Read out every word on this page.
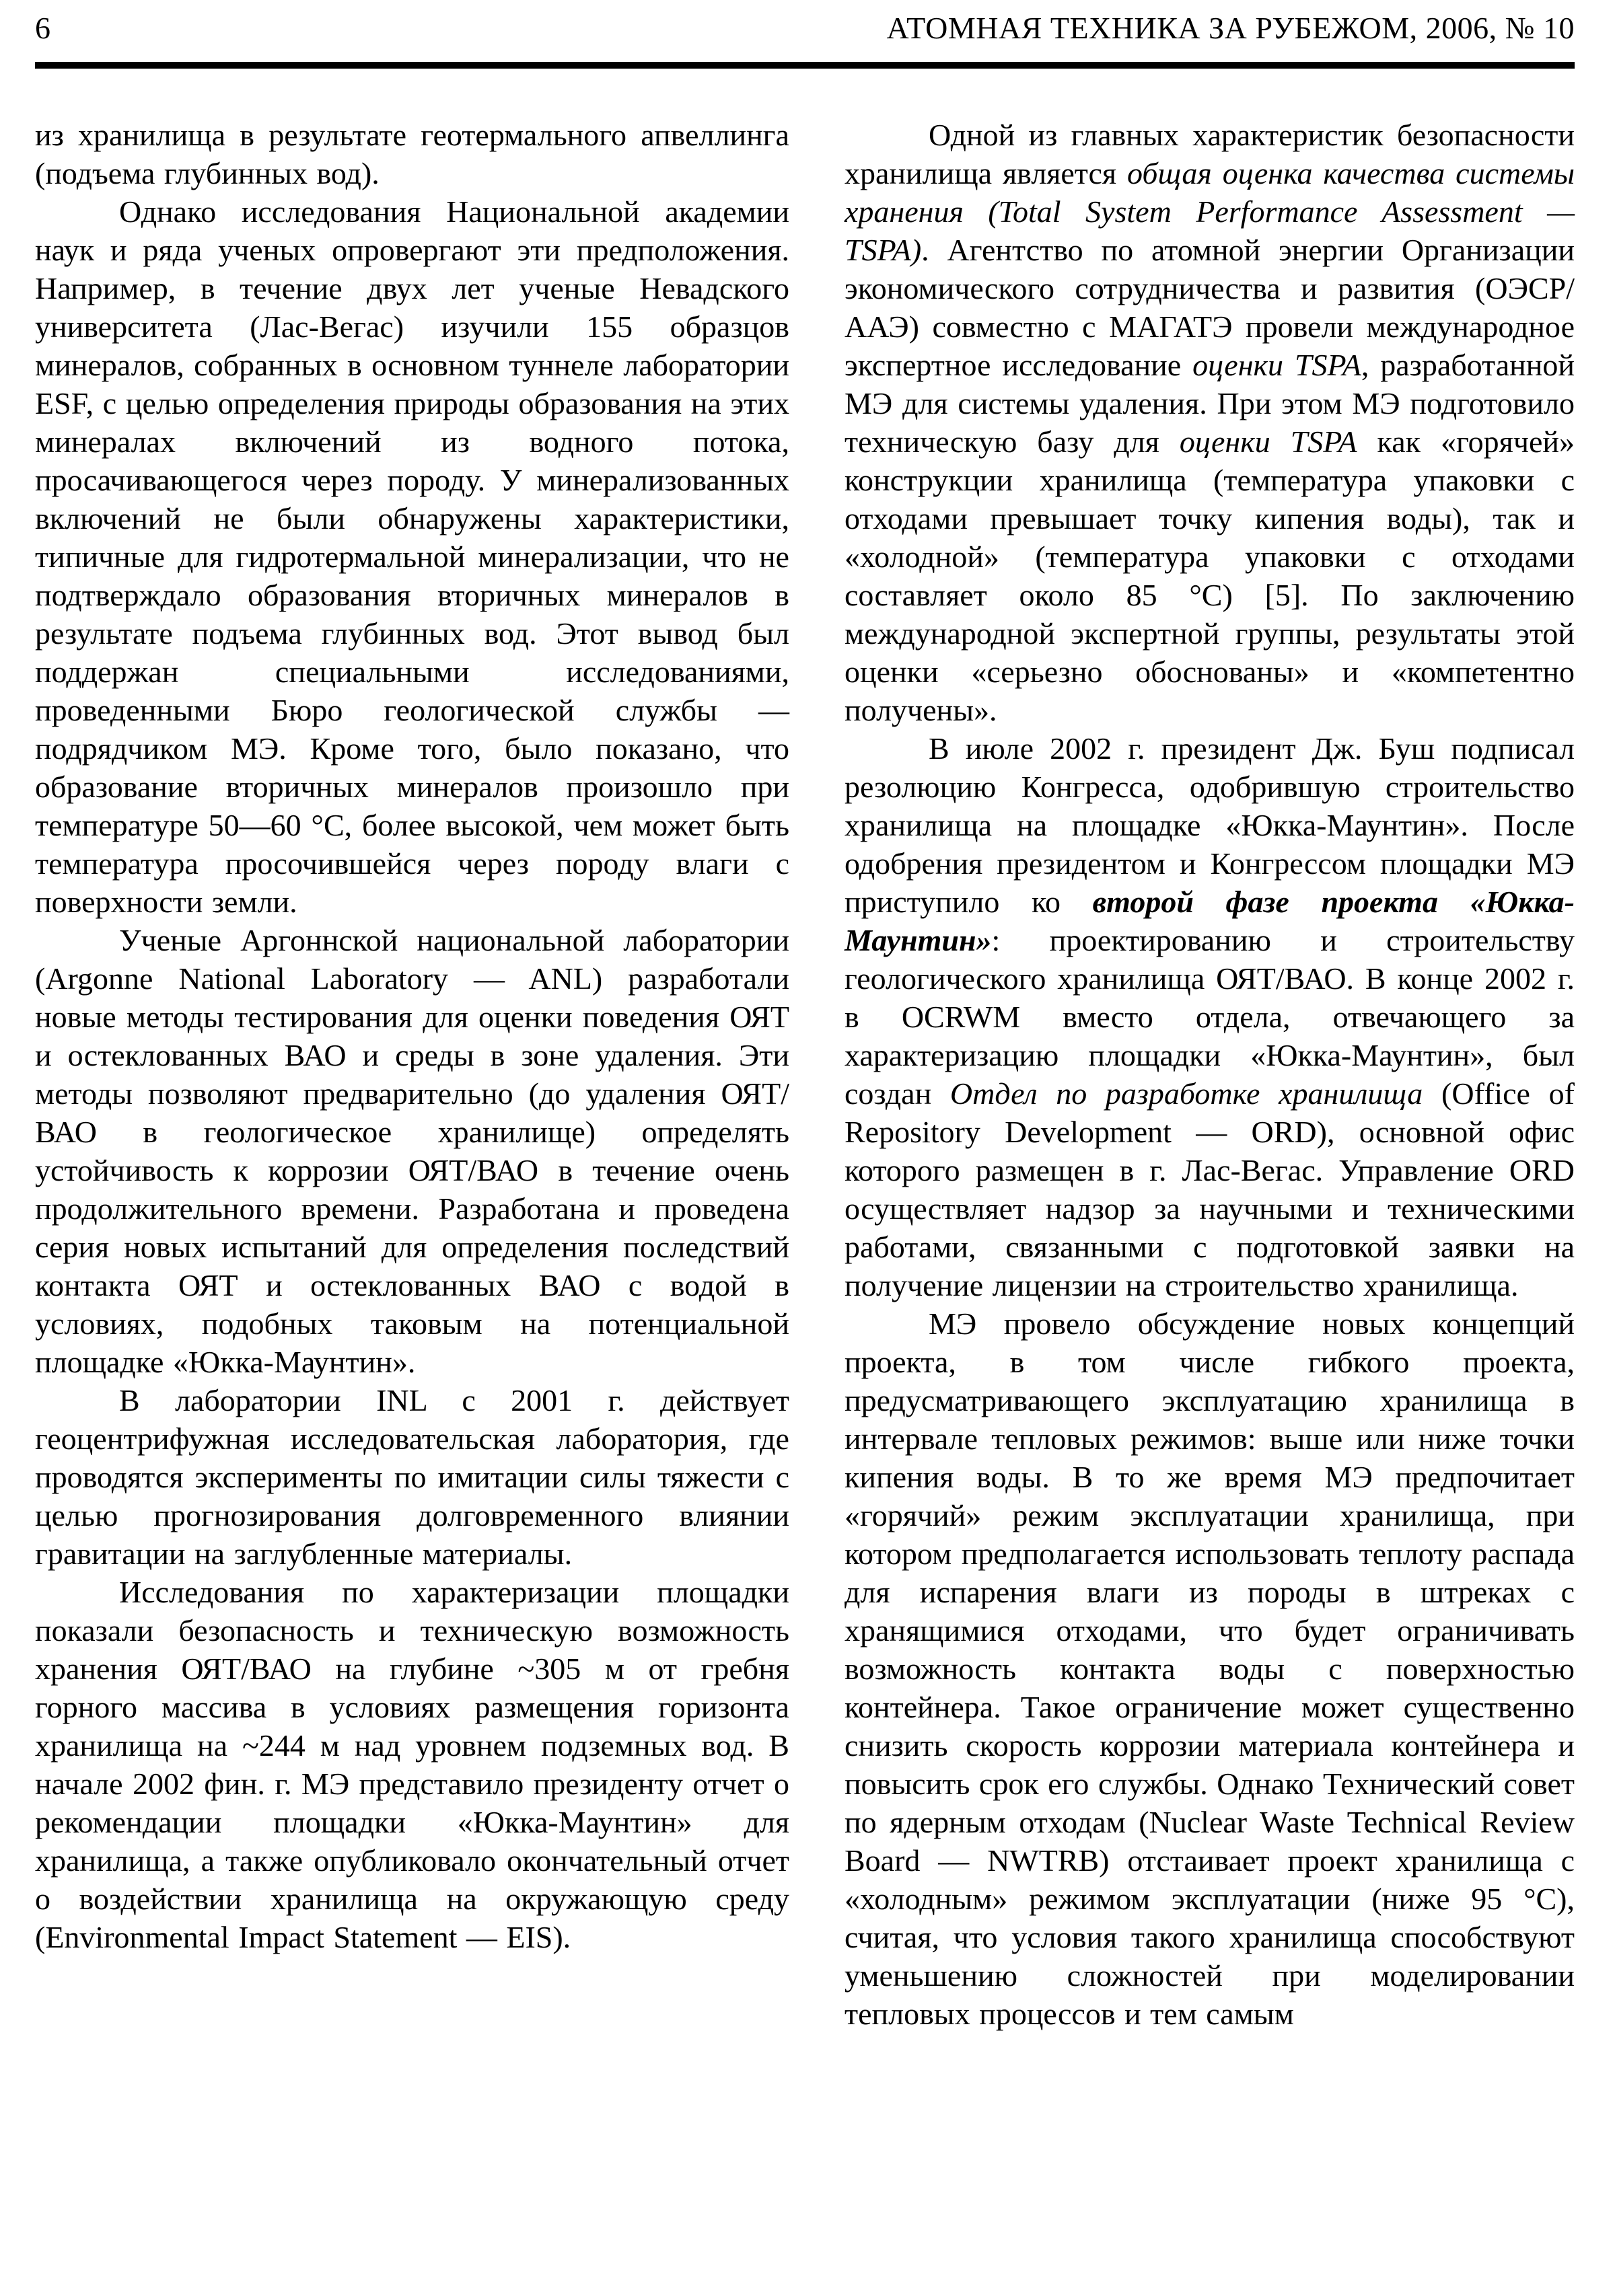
6	АТОМНАЯ ТЕХНИКА ЗА РУБЕЖОМ, 2006, № 10

из хранилища в результате геотермального апвеллинга (подъема глубинных вод).

Однако исследования Национальной академии наук и ряда ученых опровергают эти предположения. Например, в течение двух лет ученые Невадского университета (Лас-Вегас) изучили 155 образцов минералов, собранных в основном туннеле лаборатории ESF, с целью определения природы образования на этих минералах включений из водного потока, просачивающегося через породу. У минерализованных включений не были обнаружены характеристики, типичные для гидротермальной минерализации, что не подтверждало образования вторичных минералов в результате подъема глубинных вод. Этот вывод был поддержан специальными исследованиями, проведенными Бюро геологической службы — подрядчиком МЭ. Кроме того, было показано, что образование вторичных минералов произошло при температуре 50—60 °С, более высокой, чем может быть температура просочившейся через породу влаги с поверхности земли.

Ученые Аргоннской национальной лаборатории (Argonne National Laboratory — ANL) разработали новые методы тестирования для оценки поведения ОЯТ и остеклованных ВАО и среды в зоне удаления. Эти методы позволяют предварительно (до удаления ОЯТ/ВАО в геологическое хранилище) определять устойчивость к коррозии ОЯТ/ВАО в течение очень продолжительного времени. Разработана и проведена серия новых испытаний для определения последствий контакта ОЯТ и остеклованных ВАО с водой в условиях, подобных таковым на потенциальной площадке «Юкка-Маунтин».

В лаборатории INL с 2001 г. действует геоцентрифужная исследовательская лаборатория, где проводятся эксперименты по имитации силы тяжести с целью прогнозирования долговременного влиянии гравитации на заглубленные материалы.

Исследования по характеризации площадки показали безопасность и техническую возможность хранения ОЯТ/ВАО на глубине ~305 м от гребня горного массива в условиях размещения горизонта хранилища на ~244 м над уровнем подземных вод. В начале 2002 фин. г. МЭ представило президенту отчет о рекомендации площадки «Юкка-Маунтин» для хранилища, а также опубликовало окончательный отчет о воздействии хранилища на окружающую среду (Environmental Impact Statement — EIS).

Одной из главных характеристик безопасности хранилища является общая оценка качества системы хранения (Total System Performance Assessment — TSPA). Агентство по атомной энергии Организации экономического сотрудничества и развития (ОЭСР/ААЭ) совместно с МАГАТЭ провели международное экспертное исследование оценки TSPA, разработанной МЭ для системы удаления. При этом МЭ подготовило техническую базу для оценки TSPA как «горячей» конструкции хранилища (температура упаковки с отходами превышает точку кипения воды), так и «холодной» (температура упаковки с отходами составляет около 85 °С) [5]. По заключению международной экспертной группы, результаты этой оценки «серьезно обоснованы» и «компетентно получены».

В июле 2002 г. президент Дж. Буш подписал резолюцию Конгресса, одобрившую строительство хранилища на площадке «Юкка-Маунтин». После одобрения президентом и Конгрессом площадки МЭ приступило ко второй фазе проекта «Юкка-Маунтин»: проектированию и строительству геологического хранилища ОЯТ/ВАО. В конце 2002 г. в OCRWM вместо отдела, отвечающего за характеризацию площадки «Юкка-Маунтин», был создан Отдел по разработке хранилища (Office of Repository Development — ORD), основной офис которого размещен в г. Лас-Вегас. Управление ORD осуществляет надзор за научными и техническими работами, связанными с подготовкой заявки на получение лицензии на строительство хранилища.

МЭ провело обсуждение новых концепций проекта, в том числе гибкого проекта, предусматривающего эксплуатацию хранилища в интервале тепловых режимов: выше или ниже точки кипения воды. В то же время МЭ предпочитает «горячий» режим эксплуатации хранилища, при котором предполагается использовать теплоту распада для испарения влаги из породы в штреках с хранящимися отходами, что будет ограничивать возможность контакта воды с поверхностью контейнера. Такое ограничение может существенно снизить скорость коррозии материала контейнера и повысить срок его службы. Однако Технический совет по ядерным отходам (Nuclear Waste Technical Review Board — NWTRB) отстаивает проект хранилища с «холодным» режимом эксплуатации (ниже 95 °С), считая, что условия такого хранилища способствуют уменьшению сложностей при моделировании тепловых процессов и тем самым
